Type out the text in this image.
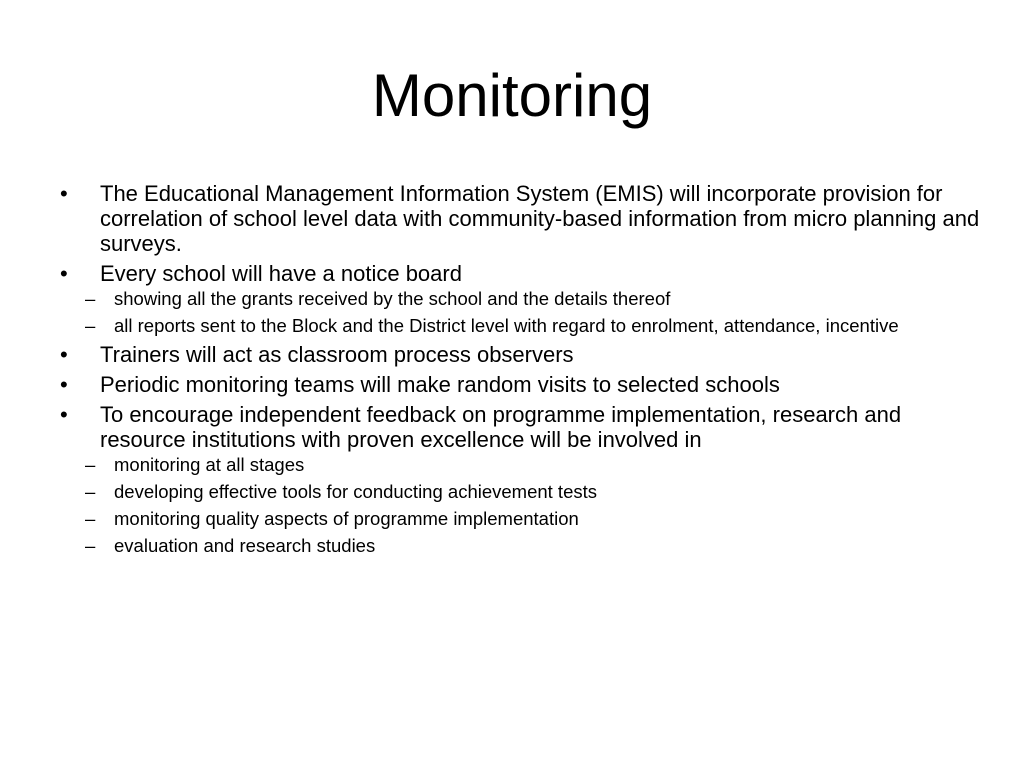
Monitoring
• The Educational Management Information System (EMIS) will incorporate provision for correlation of school level data with community-based information from micro planning and surveys.
• Every school will have a notice board
– showing all the grants received by the school and the details thereof
– all reports sent to the Block and the District level with regard to enrolment, attendance, incentive
• Trainers will act as classroom process observers
• Periodic monitoring teams will make random visits to selected schools
• To encourage independent feedback on programme implementation, research and resource institutions with proven excellence will be involved in
– monitoring at all stages
– developing effective tools for conducting achievement tests
– monitoring quality aspects of programme implementation
– evaluation and research studies
